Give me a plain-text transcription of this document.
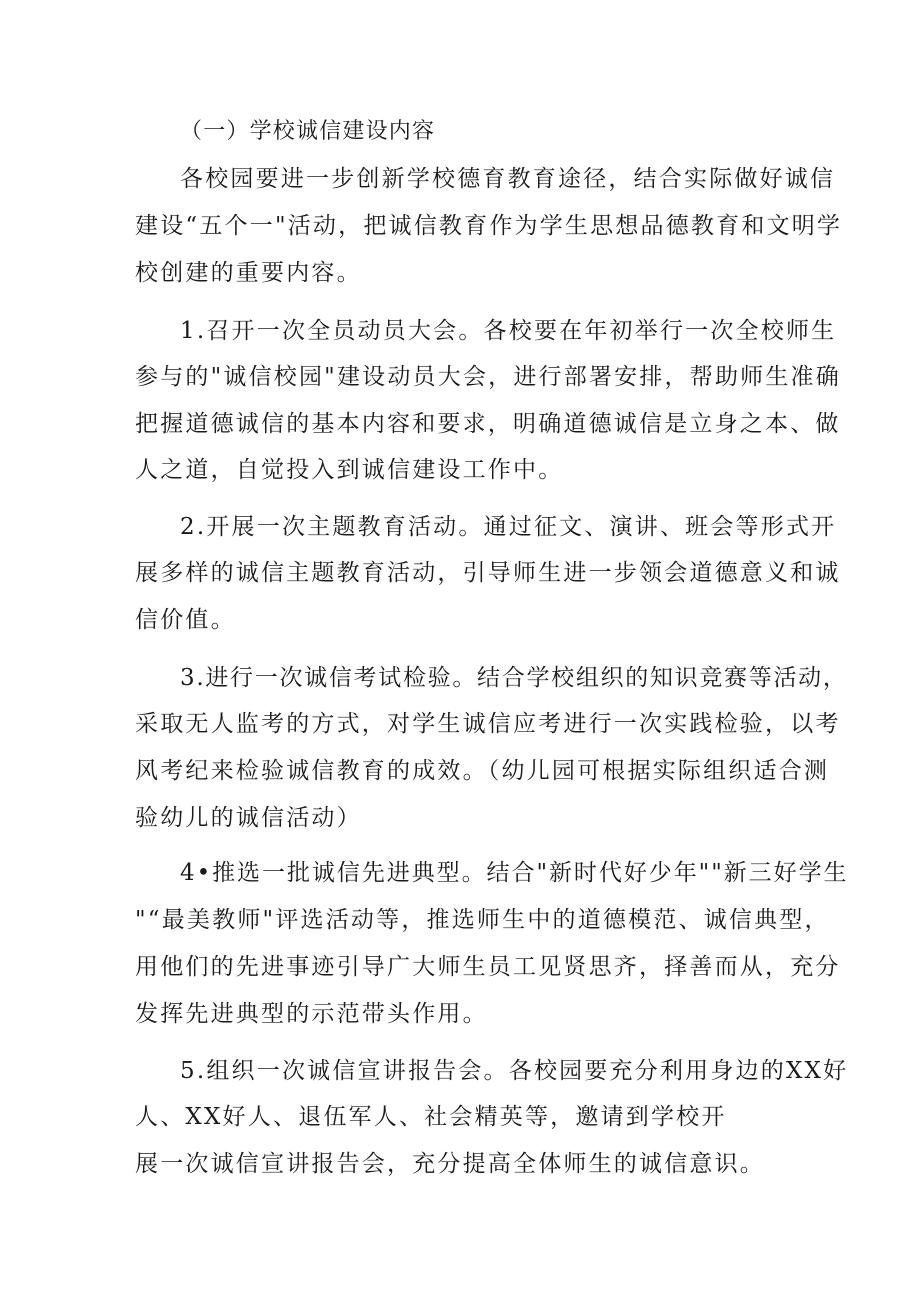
（一）学校诚信建设内容

各校园要进一步创新学校德育教育途径，结合实际做好诚信

建设“五个一"活动，把诚信教育作为学生思想品德教育和文明学

校创建的重要内容。

1.召开一次全员动员大会。各校要在年初举行一次全校师生

参与的"诚信校园"建设动员大会，进行部署安排，帮助师生准确

把握道德诚信的基本内容和要求，明确道德诚信是立身之本、做

人之道，自觉投入到诚信建设工作中。

2.开展一次主题教育活动。通过征文、演讲、班会等形式开

展多样的诚信主题教育活动，引导师生进一步领会道德意义和诚

信价值。

3.进行一次诚信考试检验。结合学校组织的知识竞赛等活动，

采取无人监考的方式，对学生诚信应考进行一次实践检验，以考

风考纪来检验诚信教育的成效。（幼儿园可根据实际组织适合测

验幼儿的诚信活动）

4•推选一批诚信先进典型。结合"新时代好少年""新三好学生

"“最美教师"评选活动等，推选师生中的道德模范、诚信典型，

用他们的先进事迹引导广大师生员工见贤思齐，择善而从，充分

发挥先进典型的示范带头作用。

5.组织一次诚信宣讲报告会。各校园要充分利用身边的XX好

人、XX好人、退伍军人、社会精英等，邀请到学校开

展一次诚信宣讲报告会，充分提高全体师生的诚信意识。
